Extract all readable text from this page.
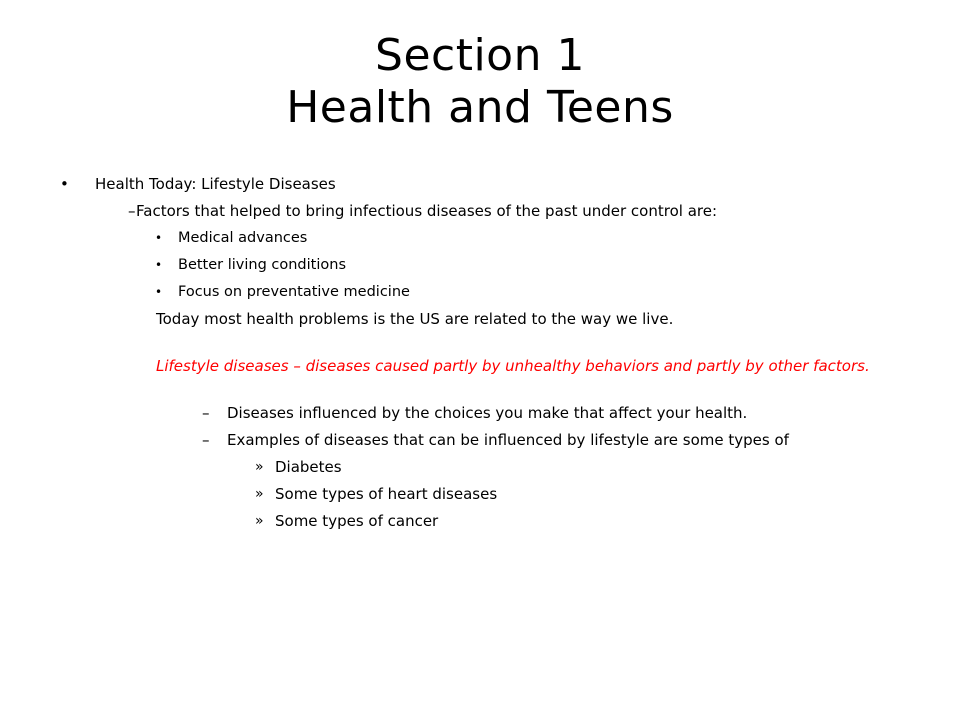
Section 1
Health and Teens
• Health Today: Lifestyle Diseases
– Factors that helped to bring infectious diseases of the past under control are:
• Medical advances
• Better living conditions
• Focus on preventative medicine
Today most health problems is the US are related to the way we live.
Lifestyle diseases – diseases caused partly by unhealthy behaviors and partly by other factors.
– Diseases influenced by the choices you make that affect your health.
– Examples of diseases that can be influenced by lifestyle are some types of
» Diabetes
» Some types of heart diseases
» Some types of cancer
